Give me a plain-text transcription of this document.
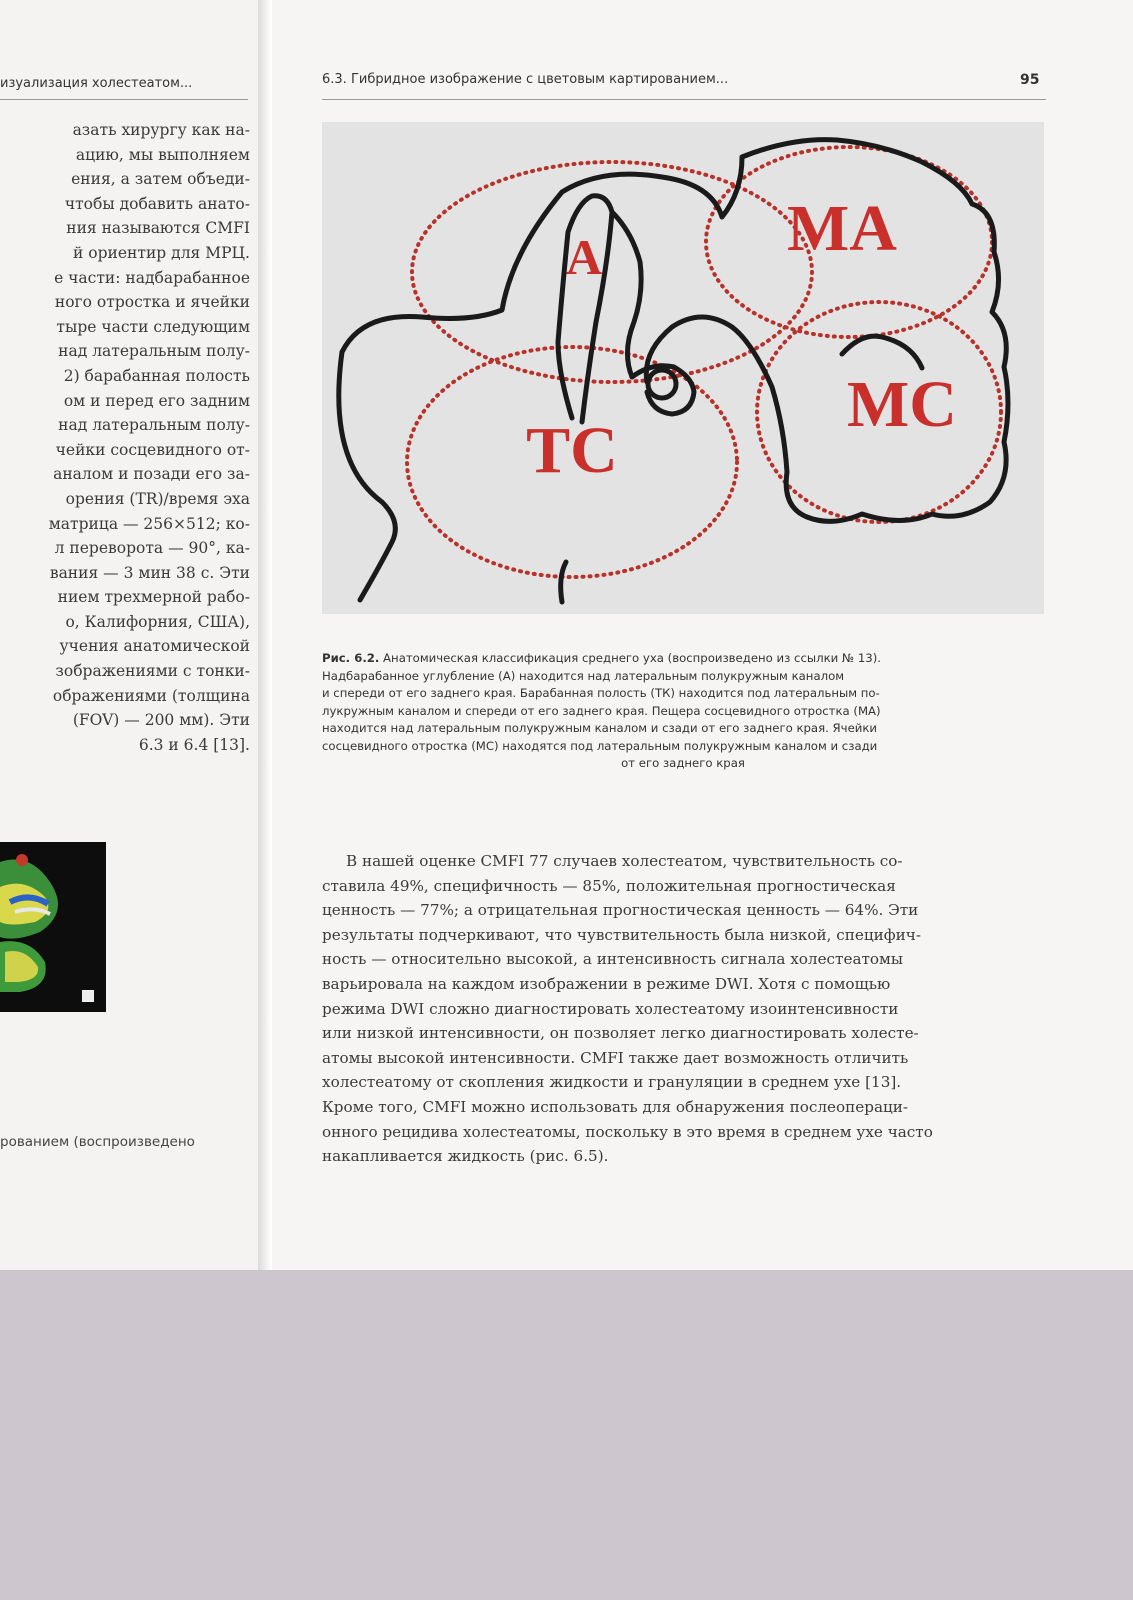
изуализация холестеатом...
азать хирургу как на-
ацию, мы выполняем
ения, а затем объеди-
чтобы добавить анато-
ния называются CMFI
й ориентир для МРЦ.
е части: надбарабанное
ного отростка и ячейки
тыре части следующим
над латеральным полу-
2) барабанная полость
ом и перед его задним
над латеральным полу-
чейки сосцевидного от-
аналом и позади его за-
орения (TR)/время эха
матрица — 256×512; ко-
л переворота — 90°, ка-
вания — 3 мин 38 с. Эти
нием трехмерной рабо-
о, Калифорния, США),
учения анатомической
зображениями с тонки-
ображениями (толщина
(FOV) — 200 мм). Эти
6.3 и 6.4 [13].
рованием (воспроизведено
6.3. Гибридное изображение с цветовым картированием...	95
A	MA
TC
MC
Рис. 6.2. Анатомическая классификация среднего уха (воспроизведено из ссылки № 13).
Надбарабанное углубление (А) находится над латеральным полукружным каналом
и спереди от его заднего края. Барабанная полость (ТК) находится под латеральным по-
лукружным каналом и спереди от его заднего края. Пещера сосцевидного отростка (МА)
находится над латеральным полукружным каналом и сзади от его заднего края. Ячейки
сосцевидного отростка (МС) находятся под латеральным полукружным каналом и сзади
от его заднего края
В нашей оценке CMFI 77 случаев холестеатом, чувствительность со-
ставила 49%, специфичность — 85%, положительная прогностическая
ценность — 77%; а отрицательная прогностическая ценность — 64%. Эти
результаты подчеркивают, что чувствительность была низкой, специфич-
ность — относительно высокой, а интенсивность сигнала холестеатомы
варьировала на каждом изображении в режиме DWI. Хотя с помощью
режима DWI сложно диагностировать холестеатому изоинтенсивности
или низкой интенсивности, он позволяет легко диагностировать холесте-
атомы высокой интенсивности. CMFI также дает возможность отличить
холестеатому от скопления жидкости и грануляции в среднем ухе [13].
Кроме того, CMFI можно использовать для обнаружения послеопераци-
онного рецидива холестеатомы, поскольку в это время в среднем ухе часто
накапливается жидкость (рис. 6.5).
